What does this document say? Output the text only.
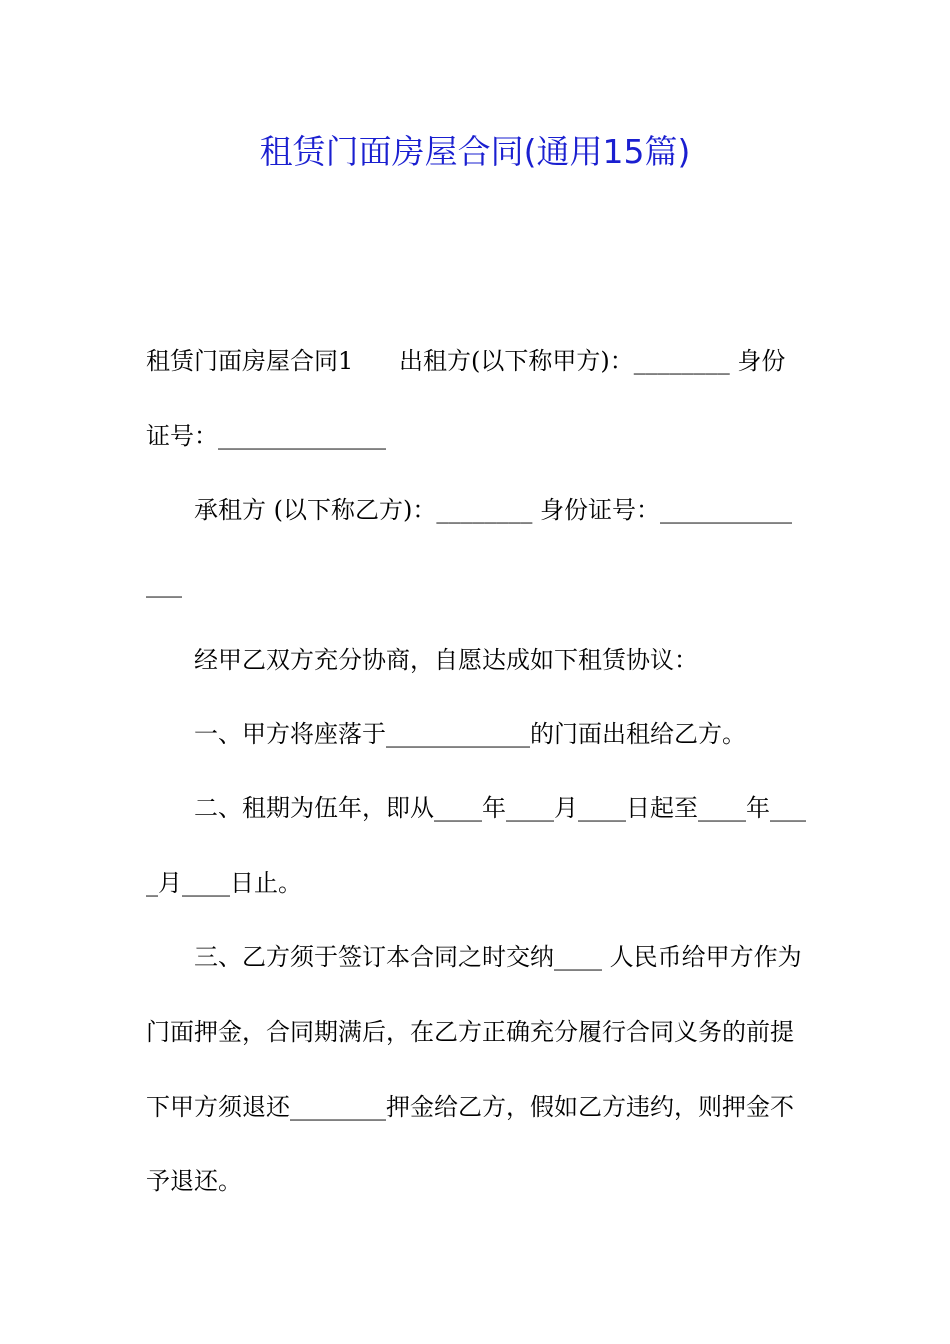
租赁门面房屋合同(通用15篇)

租赁门面房屋合同1      出租方(以下称甲方)：________ 身份

证号：______________

承租方 (以下称乙方)：________ 身份证号：___________

___

经甲乙双方充分协商，自愿达成如下租赁协议：

一、甲方将座落于____________的门面出租给乙方。

二、租期为伍年，即从____年____月____日起至____年___

_月____日止。

三、乙方须于签订本合同之时交纳____ 人民币给甲方作为

门面押金，合同期满后，在乙方正确充分履行合同义务的前提

下甲方须退还________押金给乙方，假如乙方违约，则押金不

予退还。
